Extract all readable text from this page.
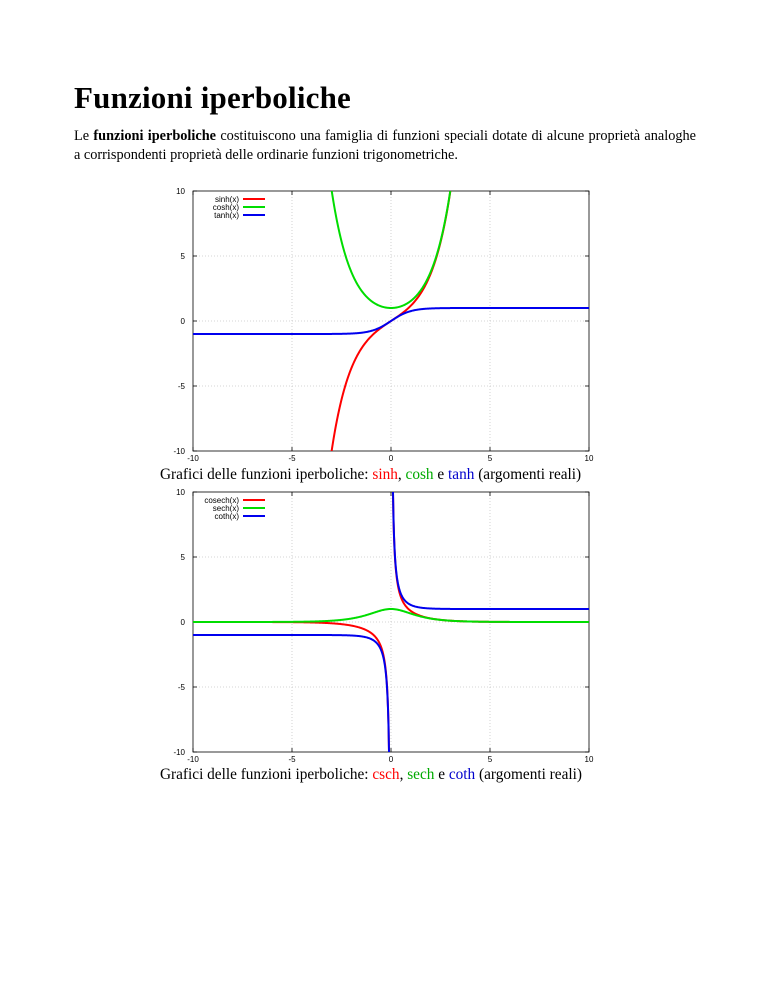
Funzioni iperboliche

Le funzioni iperboliche costituiscono una famiglia di funzioni speciali dotate di alcune proprietà analoghe a corrispondenti proprietà delle ordinarie funzioni trigonometriche.

-10	-5	0	5	10
-10
-5
0
5
10
sinh(x)
cosh(x)
tanh(x)

Grafici delle funzioni iperboliche: sinh, cosh e tanh (argomenti reali)

-10	-5	0	5	10
-10
-5
0
5
10
cosech(x)
sech(x)
coth(x)

Grafici delle funzioni iperboliche: csch, sech e coth (argomenti reali)
